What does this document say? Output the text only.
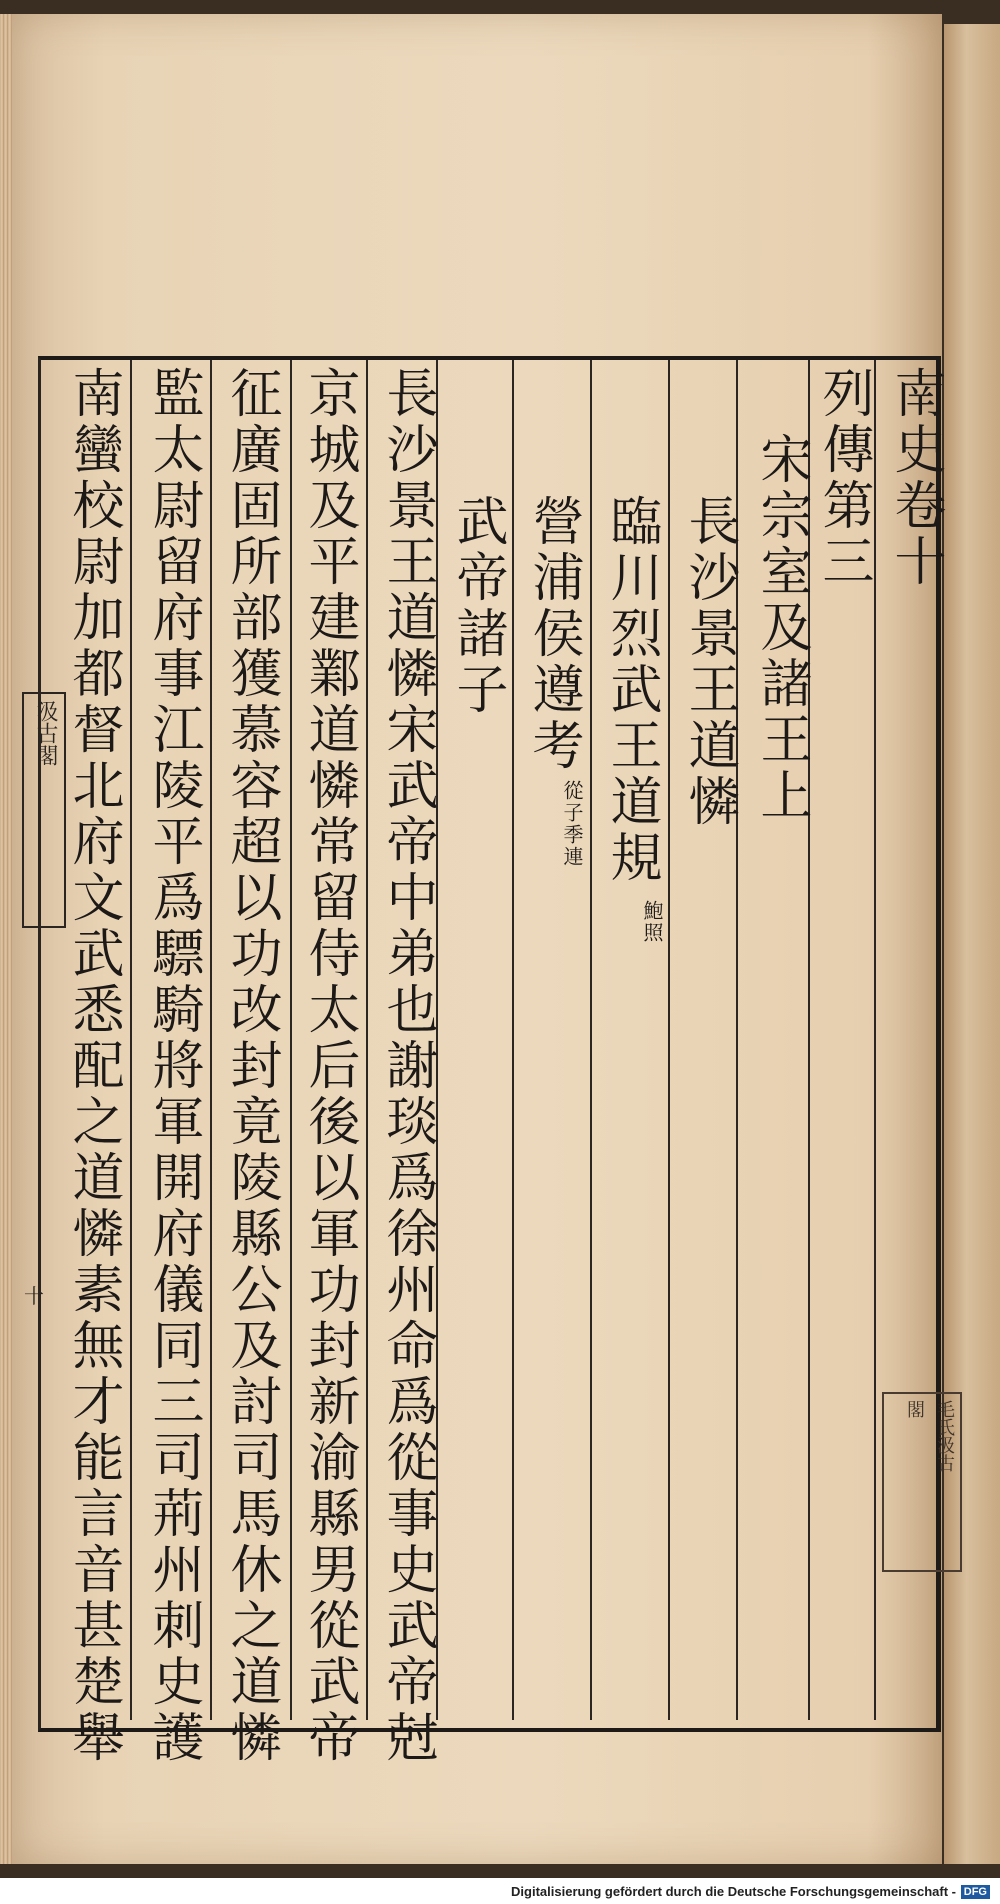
南史卷十
列傳第三
宋宗室及諸王上
長沙景王道憐
臨川烈武王道規
鮑照
營浦侯遵考
從子季連
武帝諸子
長沙景王道憐宋武帝中弟也謝琰爲徐州命爲從事史武帝尅
京城及平建鄴道憐常留侍太后後以軍功封新渝縣男從武帝
征廣固所部獲慕容超以功改封竟陵縣公及討司馬休之道憐
監太尉留府事江陵平爲驃騎將軍開府儀同三司荊州刺史護
南蠻校尉加都督北府文武悉配之道憐素無才能言音甚楚舉
汲古閣
十
毛氏汲古
閣
Digitalisierung gefördert durch die Deutsche Forschungsgemeinschaft - DFG
